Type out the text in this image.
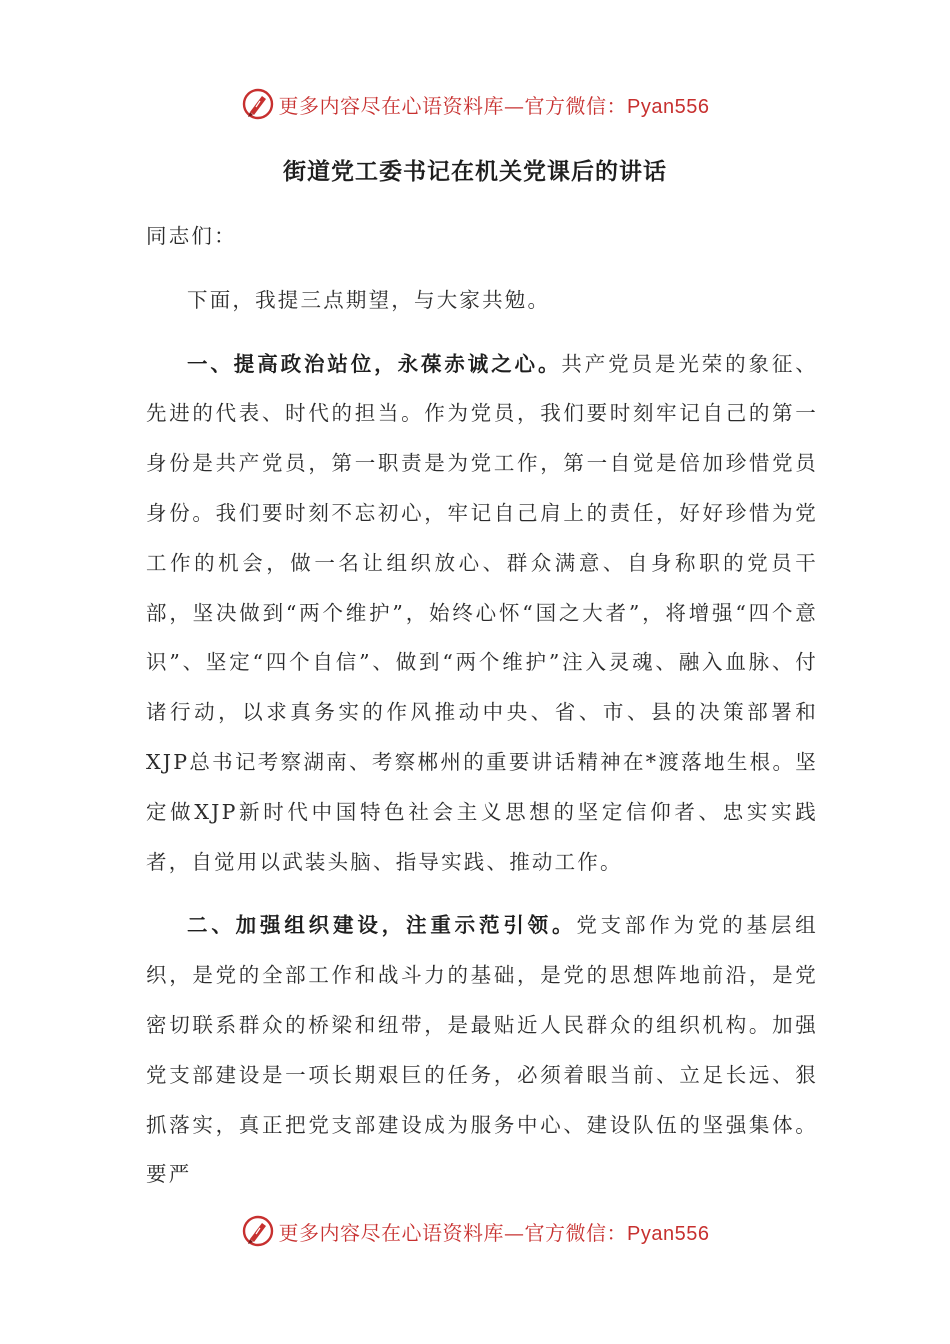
更多内容尽在心语资料库—官方微信：Pyan556
街道党工委书记在机关党课后的讲话

同志们：

下面，我提三点期望，与大家共勉。

一、提高政治站位，永葆赤诚之心。共产党员是光荣的象征、先进的代表、时代的担当。作为党员，我们要时刻牢记自己的第一身份是共产党员，第一职责是为党工作，第一自觉是倍加珍惜党员身份。我们要时刻不忘初心，牢记自己肩上的责任，好好珍惜为党工作的机会，做一名让组织放心、群众满意、自身称职的党员干部，坚决做到“两个维护”，始终心怀“国之大者”，将增强“四个意识”、坚定“四个自信”、做到“两个维护”注入灵魂、融入血脉、付诸行动，以求真务实的作风推动中央、省、市、县的决策部署和XJP总书记考察湖南、考察郴州的重要讲话精神在*渡落地生根。坚定做XJP新时代中国特色社会主义思想的坚定信仰者、忠实实践者，自觉用以武装头脑、指导实践、推动工作。

二、加强组织建设，注重示范引领。党支部作为党的基层组织，是党的全部工作和战斗力的基础，是党的思想阵地前沿，是党密切联系群众的桥梁和纽带，是最贴近人民群众的组织机构。加强党支部建设是一项长期艰巨的任务，必须着眼当前、立足长远、狠抓落实，真正把党支部建设成为服务中心、建设队伍的坚强集体。要严

更多内容尽在心语资料库—官方微信：Pyan556
